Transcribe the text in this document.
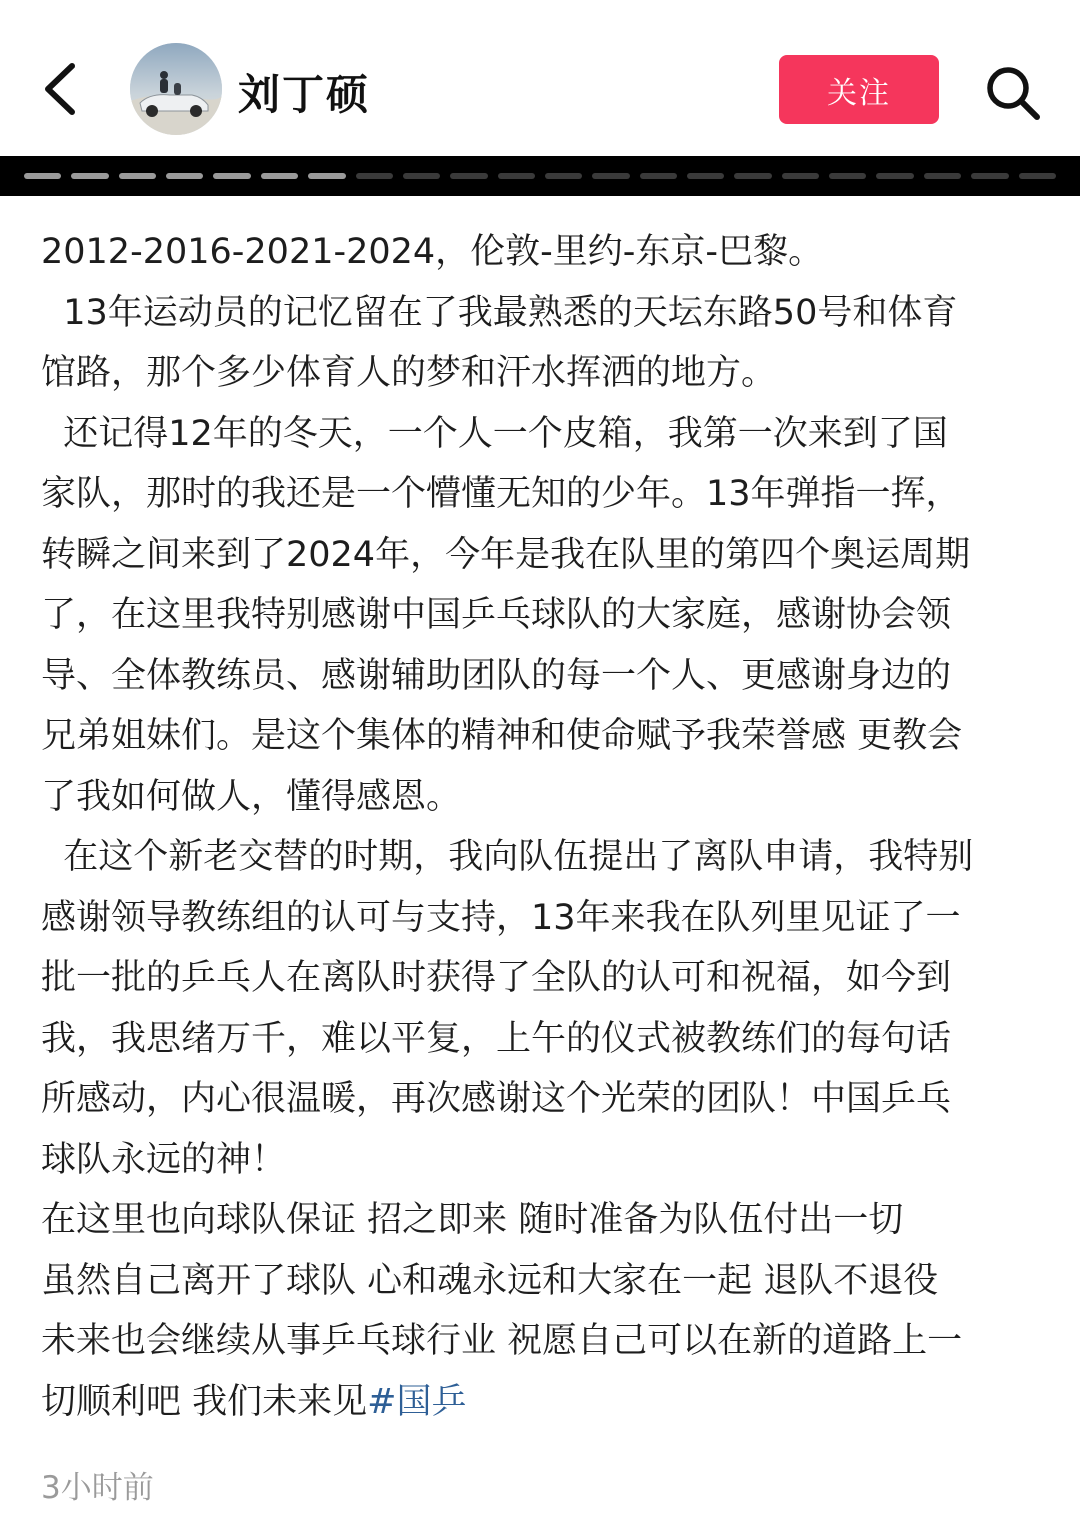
刘丁硕	关注
2012-2016-2021-2024，伦敦-里约-东京-巴黎。
13年运动员的记忆留在了我最熟悉的天坛东路50号和体育
馆路，那个多少体育人的梦和汗水挥洒的地方。
还记得12年的冬天，一个人一个皮箱，我第一次来到了国
家队，那时的我还是一个懵懂无知的少年。13年弹指一挥，
转瞬之间来到了2024年，今年是我在队里的第四个奥运周期
了，在这里我特别感谢中国乒乓球队的大家庭，感谢协会领
导、全体教练员、感谢辅助团队的每一个人、更感谢身边的
兄弟姐妹们。是这个集体的精神和使命赋予我荣誉感 更教会
了我如何做人，懂得感恩。
在这个新老交替的时期，我向队伍提出了离队申请，我特别
感谢领导教练组的认可与支持，13年来我在队列里见证了一
批一批的乒乓人在离队时获得了全队的认可和祝福，如今到
我，我思绪万千，难以平复，上午的仪式被教练们的每句话
所感动，内心很温暖，再次感谢这个光荣的团队！中国乒乓
球队永远的神！
在这里也向球队保证 招之即来 随时准备为队伍付出一切
虽然自己离开了球队 心和魂永远和大家在一起 退队不退役
未来也会继续从事乒乓球行业 祝愿自己可以在新的道路上一
切顺利吧 我们未来见#国乒
3小时前
